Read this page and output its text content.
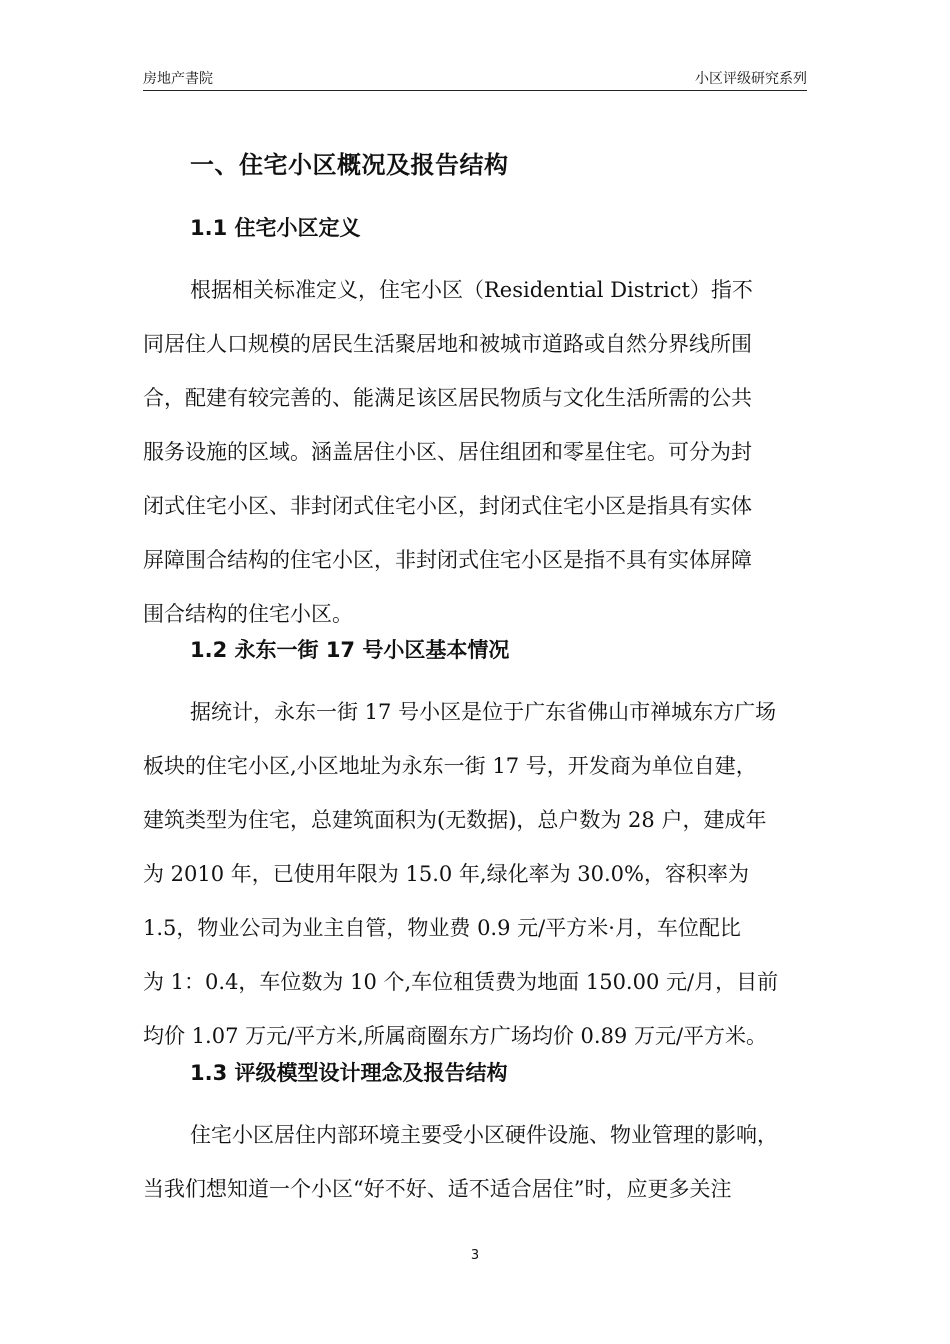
房地产書院	小区评级研究系列
一、住宅小区概况及报告结构
1.1 住宅小区定义
根据相关标准定义，住宅小区（Residential District）指不
同居住人口规模的居民生活聚居地和被城市道路或自然分界线所围
合，配建有较完善的、能满足该区居民物质与文化生活所需的公共
服务设施的区域。涵盖居住小区、居住组团和零星住宅。可分为封
闭式住宅小区、非封闭式住宅小区，封闭式住宅小区是指具有实体
屏障围合结构的住宅小区，非封闭式住宅小区是指不具有实体屏障
围合结构的住宅小区。
1.2 永东一街 17 号小区基本情况
据统计，永东一街 17 号小区是位于广东省佛山市禅城东方广场
板块的住宅小区,小区地址为永东一街 17 号，开发商为单位自建，
建筑类型为住宅，总建筑面积为(无数据)，总户数为 28 户，建成年
为 2010 年，已使用年限为 15.0 年,绿化率为 30.0%，容积率为
1.5，物业公司为业主自管，物业费 0.9 元/平方米·月，车位配比
为 1：0.4，车位数为 10 个,车位租赁费为地面 150.00 元/月，目前
均价 1.07 万元/平方米,所属商圈东方广场均价 0.89 万元/平方米。
1.3 评级模型设计理念及报告结构
住宅小区居住内部环境主要受小区硬件设施、物业管理的影响，
当我们想知道一个小区“好不好、适不适合居住”时，应更多关注
3
